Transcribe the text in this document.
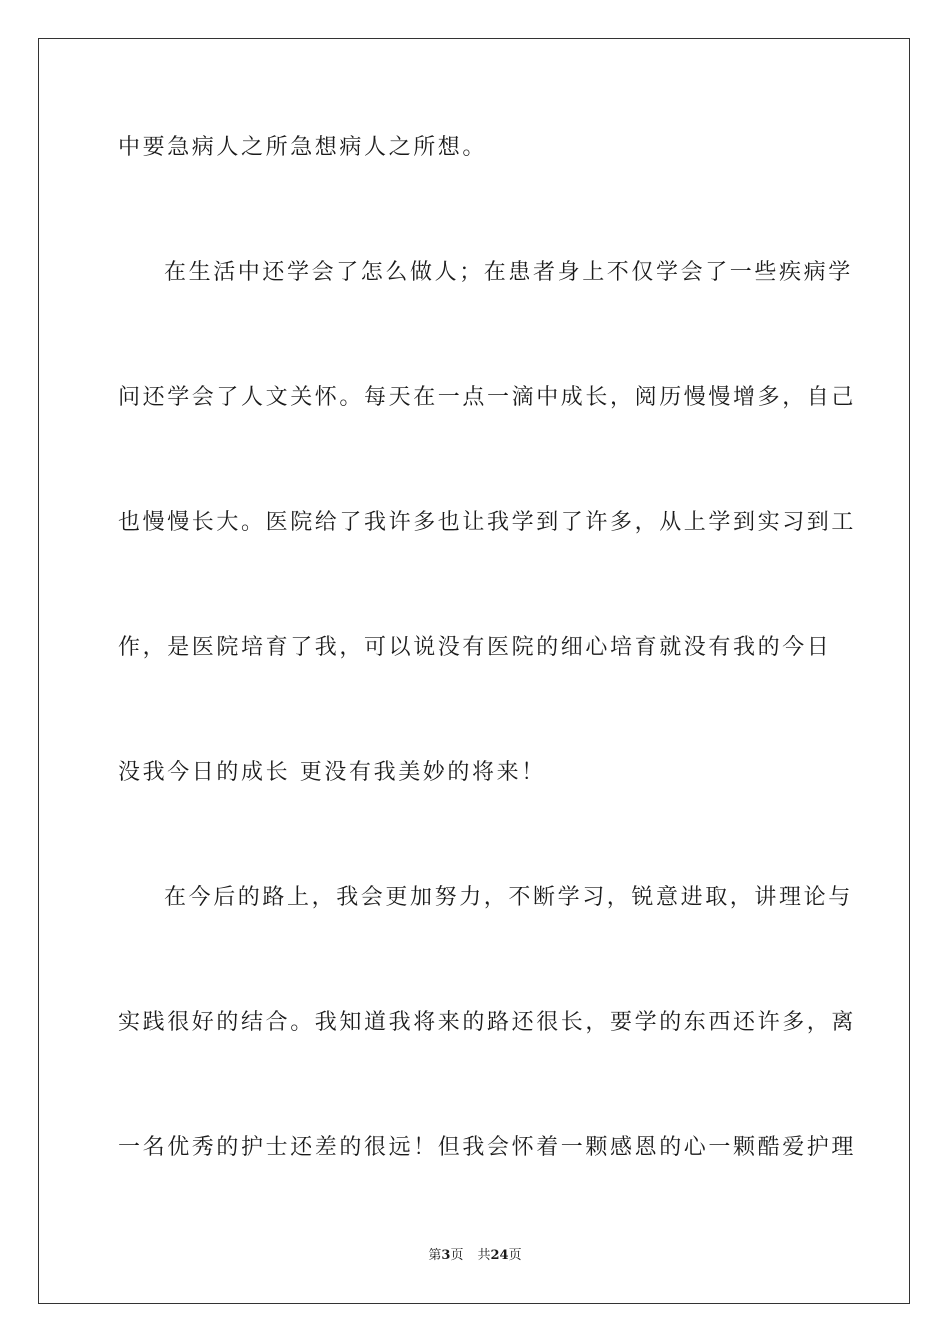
中要急病人之所急想病人之所想。
在生活中还学会了怎么做人；在患者身上不仅学会了一些疾病学
问还学会了人文关怀。每天在一点一滴中成长，阅历慢慢增多，自己
也慢慢长大。医院给了我许多也让我学到了许多，从上学到实习到工
作，是医院培育了我，可以说没有医院的细心培育就没有我的今日
没我今日的成长 更没有我美妙的将来！
在今后的路上，我会更加努力，不断学习，锐意进取，讲理论与
实践很好的结合。我知道我将来的路还很长，要学的东西还许多，离
一名优秀的护士还差的很远！但我会怀着一颗感恩的心一颗酷爱护理
第3页 共24页
